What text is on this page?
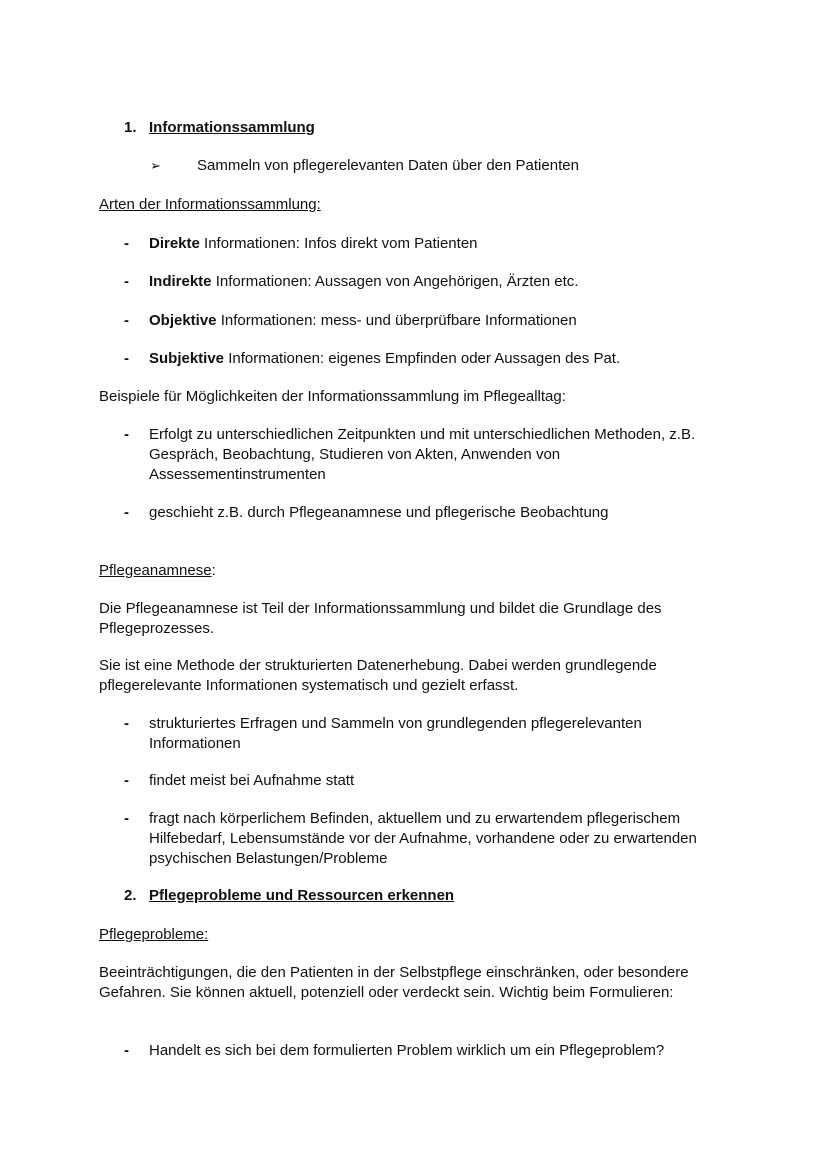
1. Informationssammlung
➢ Sammeln von pflegerelevanten Daten über den Patienten
Arten der Informationssammlung:
- Direkte Informationen: Infos direkt vom Patienten
- Indirekte Informationen: Aussagen von Angehörigen, Ärzten etc.
- Objektive Informationen: mess- und überprüfbare Informationen
- Subjektive Informationen: eigenes Empfinden oder Aussagen des Pat.
Beispiele für Möglichkeiten der Informationssammlung im Pflegealltag:
- Erfolgt zu unterschiedlichen Zeitpunkten und mit unterschiedlichen Methoden, z.B. Gespräch, Beobachtung, Studieren von Akten, Anwenden von Assessementinstrumenten
- geschieht z.B. durch Pflegeanamnese und pflegerische Beobachtung
Pflegeanamnese:
Die Pflegeanamnese ist Teil der Informationssammlung und bildet die Grundlage des Pflegeprozesses.
Sie ist eine Methode der strukturierten Datenerhebung. Dabei werden grundlegende pflegerelevante Informationen systematisch und gezielt erfasst.
- strukturiertes Erfragen und Sammeln von grundlegenden pflegerelevanten Informationen
- findet meist bei Aufnahme statt
- fragt nach körperlichem Befinden, aktuellem und zu erwartendem pflegerischem Hilfebedarf, Lebensumstände vor der Aufnahme, vorhandene oder zu erwartenden psychischen Belastungen/Probleme
2. Pflegeprobleme und Ressourcen erkennen
Pflegeprobleme:
Beeinträchtigungen, die den Patienten in der Selbstpflege einschränken, oder besondere Gefahren. Sie können aktuell, potenziell oder verdeckt sein. Wichtig beim Formulieren:
- Handelt es sich bei dem formulierten Problem wirklich um ein Pflegeproblem?
